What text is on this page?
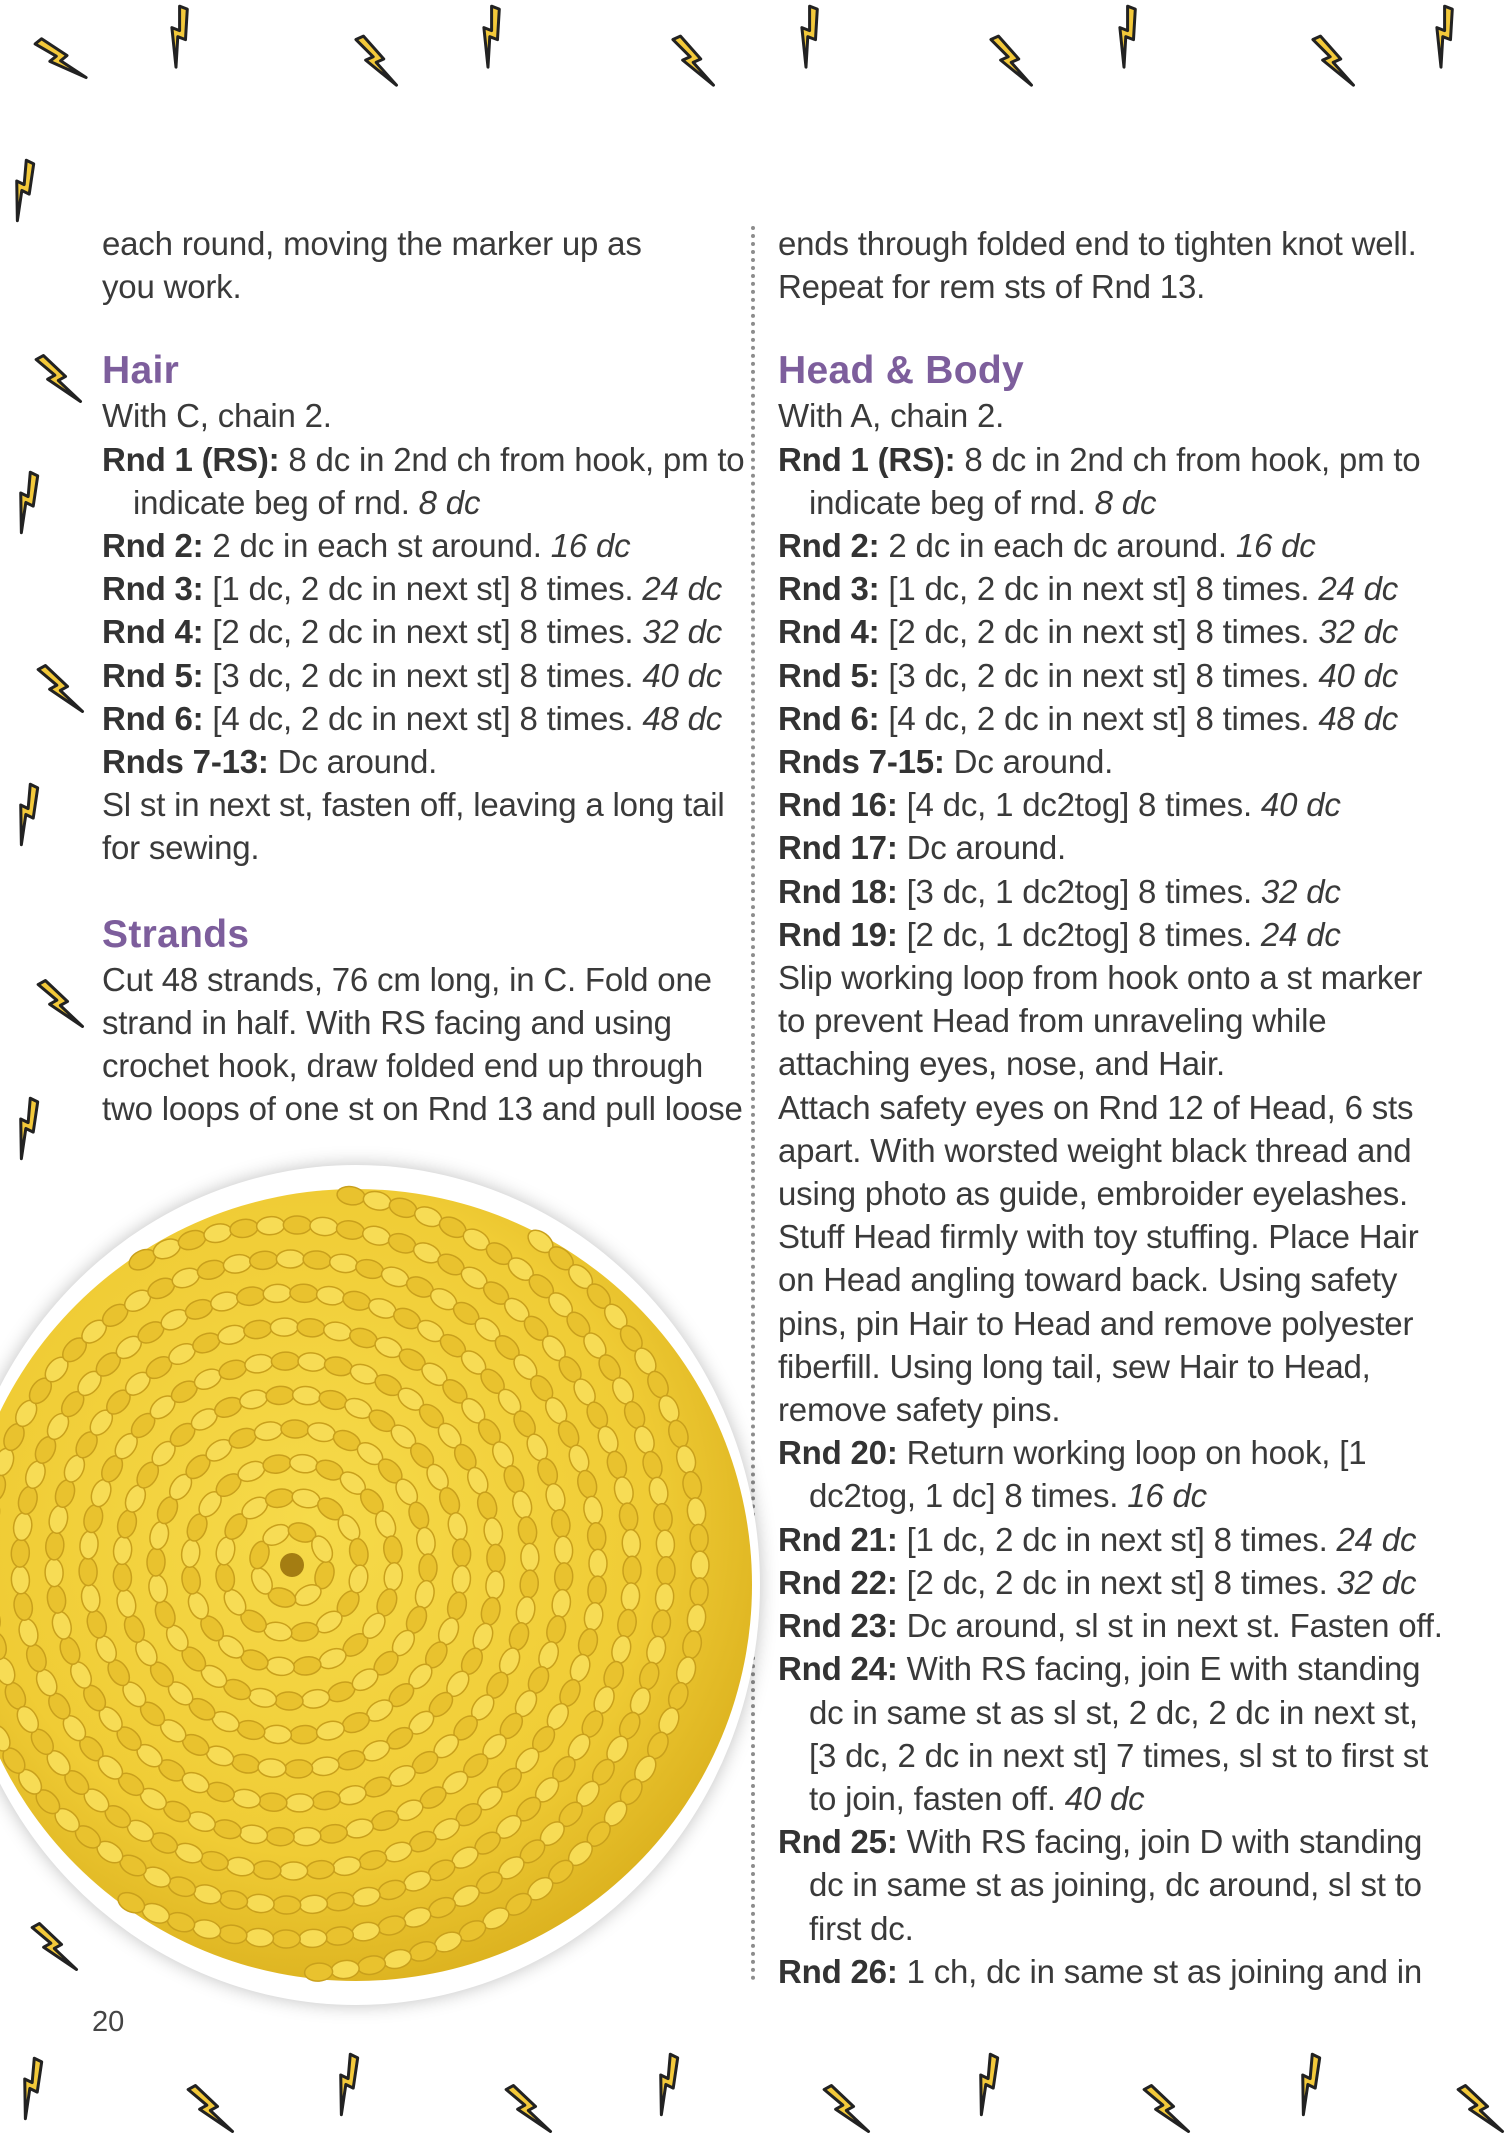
each round, moving the marker up as

you work.

Hair

With C, chain 2.

Rnd 1 (RS): 8 dc in 2nd ch from hook, pm to

indicate beg of rnd. 8 dc

Rnd 2: 2 dc in each st around. 16 dc

Rnd 3: [1 dc, 2 dc in next st] 8 times. 24 dc

Rnd 4: [2 dc, 2 dc in next st] 8 times. 32 dc

Rnd 5: [3 dc, 2 dc in next st] 8 times. 40 dc

Rnd 6: [4 dc, 2 dc in next st] 8 times. 48 dc

Rnds 7-13: Dc around.

Sl st in next st, fasten off, leaving a long tail

for sewing.

Strands

Cut 48 strands, 76 cm long, in C. Fold one

strand in half. With RS facing and using

crochet hook, draw folded end up through

two loops of one st on Rnd 13 and pull loose

ends through folded end to tighten knot well.

Repeat for rem sts of Rnd 13.

Head & Body

With A, chain 2.

Rnd 1 (RS): 8 dc in 2nd ch from hook, pm to

indicate beg of rnd. 8 dc

Rnd 2: 2 dc in each dc around. 16 dc

Rnd 3: [1 dc, 2 dc in next st] 8 times. 24 dc

Rnd 4: [2 dc, 2 dc in next st] 8 times. 32 dc

Rnd 5: [3 dc, 2 dc in next st] 8 times. 40 dc

Rnd 6: [4 dc, 2 dc in next st] 8 times. 48 dc

Rnds 7-15: Dc around.

Rnd 16: [4 dc, 1 dc2tog] 8 times. 40 dc

Rnd 17: Dc around.

Rnd 18: [3 dc, 1 dc2tog] 8 times. 32 dc

Rnd 19: [2 dc, 1 dc2tog] 8 times. 24 dc

Slip working loop from hook onto a st marker

to prevent Head from unraveling while

attaching eyes, nose, and Hair.

Attach safety eyes on Rnd 12 of Head, 6 sts

apart. With worsted weight black thread and

using photo as guide, embroider eyelashes.

Stuff Head firmly with toy stuffing. Place Hair

on Head angling toward back. Using safety

pins, pin Hair to Head and remove polyester

fiberfill. Using long tail, sew Hair to Head,

remove safety pins.

Rnd 20: Return working loop on hook, [1

dc2tog, 1 dc] 8 times. 16 dc

Rnd 21: [1 dc, 2 dc in next st] 8 times. 24 dc

Rnd 22: [2 dc, 2 dc in next st] 8 times. 32 dc

Rnd 23: Dc around, sl st in next st. Fasten off.

Rnd 24: With RS facing, join E with standing

dc in same st as sl st, 2 dc, 2 dc in next st,

[3 dc, 2 dc in next st] 7 times, sl st to first st

to join, fasten off. 40 dc

Rnd 25: With RS facing, join D with standing

dc in same st as joining, dc around, sl st to

first dc.

Rnd 26: 1 ch, dc in same st as joining and in

20
